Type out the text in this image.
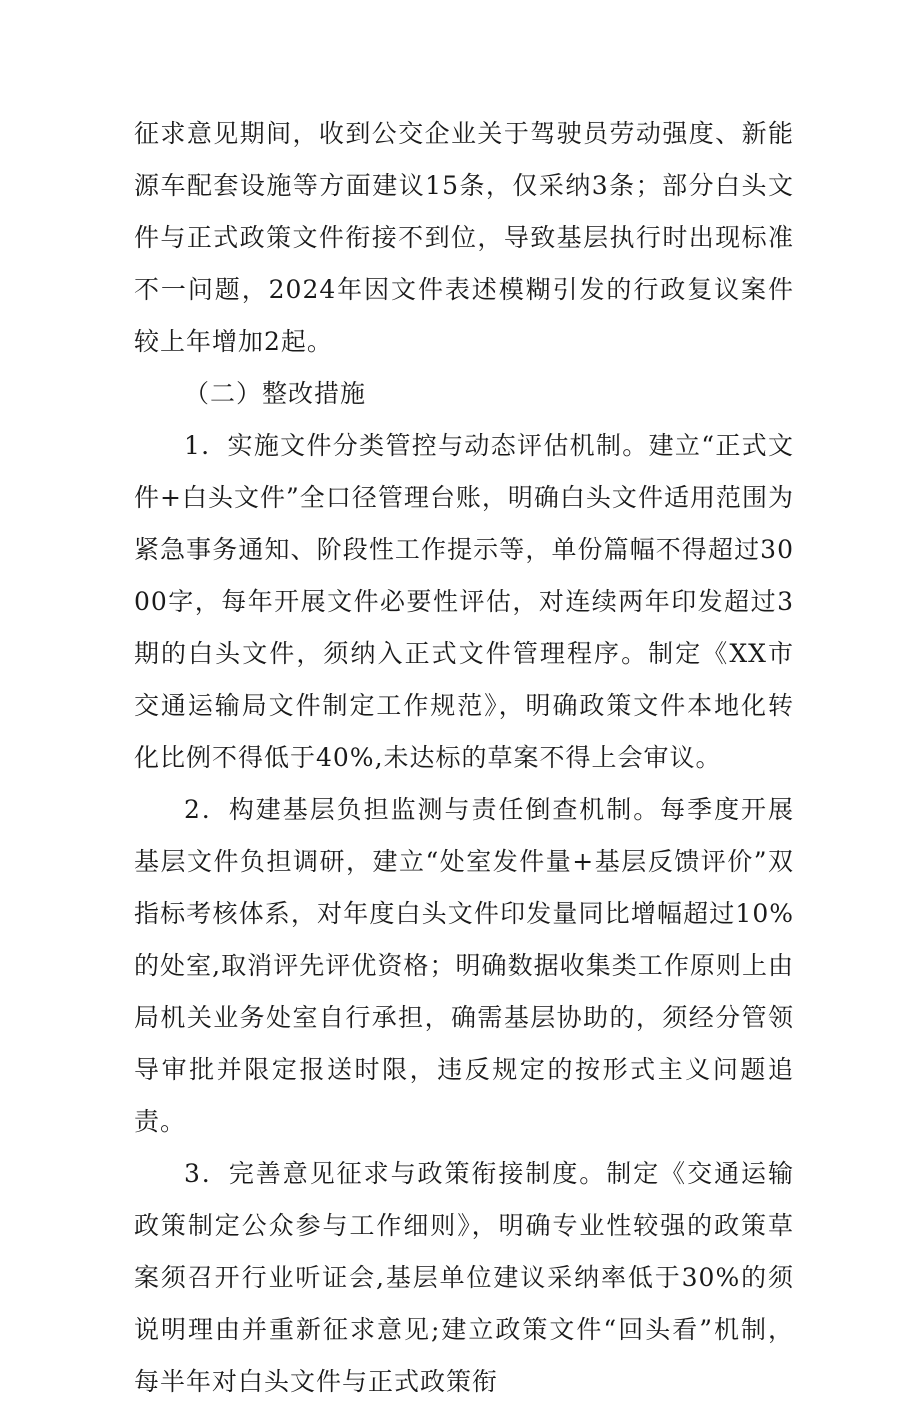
征求意见期间，收到公交企业关于驾驶员劳动强度、新能源车配套设施等方面建议15条，仅采纳3条；部分白头文件与正式政策文件衔接不到位，导致基层执行时出现标准不一问题，2024年因文件表述模糊引发的行政复议案件较上年增加2起。

（二）整改措施

1．实施文件分类管控与动态评估机制。建立“正式文件+白头文件”全口径管理台账，明确白头文件适用范围为紧急事务通知、阶段性工作提示等，单份篇幅不得超过3000字，每年开展文件必要性评估，对连续两年印发超过3期的白头文件，须纳入正式文件管理程序。制定《XX市交通运输局文件制定工作规范》，明确政策文件本地化转化比例不得低于40%,未达标的草案不得上会审议。

2．构建基层负担监测与责任倒查机制。每季度开展基层文件负担调研，建立“处室发件量+基层反馈评价”双指标考核体系，对年度白头文件印发量同比增幅超过10%的处室,取消评先评优资格；明确数据收集类工作原则上由局机关业务处室自行承担，确需基层协助的，须经分管领导审批并限定报送时限，违反规定的按形式主义问题追责。

3．完善意见征求与政策衔接制度。制定《交通运输政策制定公众参与工作细则》，明确专业性较强的政策草案须召开行业听证会,基层单位建议采纳率低于30%的须说明理由并重新征求意见;建立政策文件“回头看”机制，每半年对白头文件与正式政策衔
